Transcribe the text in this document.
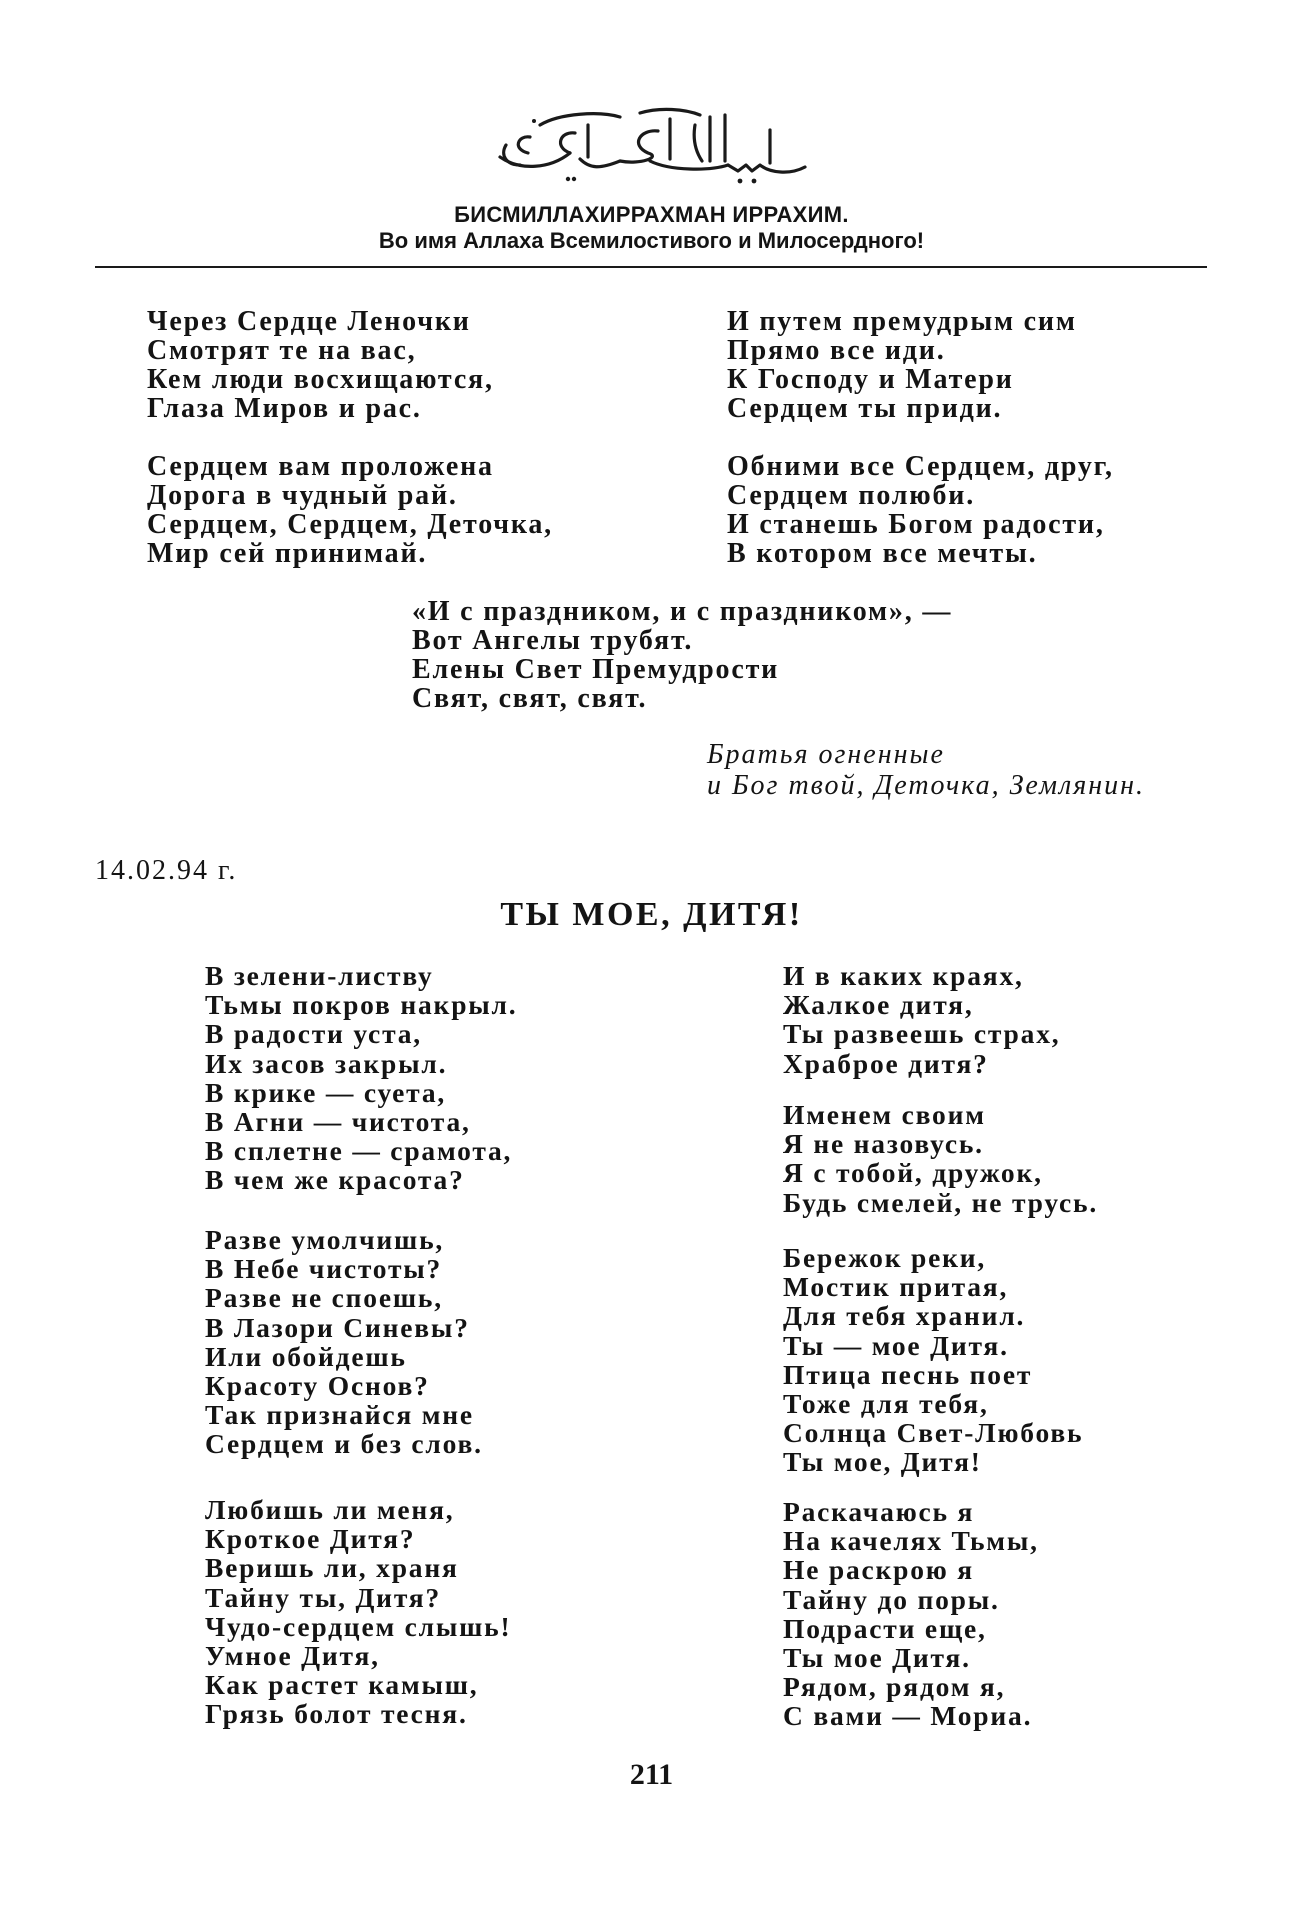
БИСМИЛЛАХИРРАХМАН ИРРАХИМ.
Во имя Аллаха Всемилостивого и Милосердного!
Через Сердце Леночки
Смотрят те на вас,
Кем люди восхищаются,
Глаза Миров и рас.
Сердцем вам проложена
Дорога в чудный рай.
Сердцем, Сердцем, Деточка,
Мир сей принимай.
И путем премудрым сим
Прямо все иди.
К Господу и Матери
Сердцем ты приди.
Обними все Сердцем, друг,
Сердцем полюби.
И станешь Богом радости,
В котором все мечты.
«И с праздником, и с праздником», —
Вот Ангелы трубят.
Елены Свет Премудрости
Свят, свят, свят.
Братья огненные
и Бог твой, Деточка, Землянин.
14.02.94 г.
ТЫ МОЕ, ДИТЯ!
В зелени-листву
Тьмы покров накрыл.
В радости уста,
Их засов закрыл.
В крике — суета,
В Агни — чистота,
В сплетне — срамота,
В чем же красота?
Разве умолчишь,
В Небе чистоты?
Разве не споешь,
В Лазори Синевы?
Или обойдешь
Красоту Основ?
Так признайся мне
Сердцем и без слов.
Любишь ли меня,
Кроткое Дитя?
Веришь ли, храня
Тайну ты, Дитя?
Чудо-сердцем слышь!
Умное Дитя,
Как растет камыш,
Грязь болот тесня.
И в каких краях,
Жалкое дитя,
Ты развеешь страх,
Храброе дитя?
Именем своим
Я не назовусь.
Я с тобой, дружок,
Будь смелей, не трусь.
Бережок реки,
Мостик притая,
Для тебя хранил.
Ты — мое Дитя.
Птица песнь поет
Тоже для тебя,
Солнца Свет-Любовь
Ты мое, Дитя!
Раскачаюсь я
На качелях Тьмы,
Не раскрою я
Тайну до поры.
Подрасти еще,
Ты мое Дитя.
Рядом, рядом я,
С вами — Мориа.
211
